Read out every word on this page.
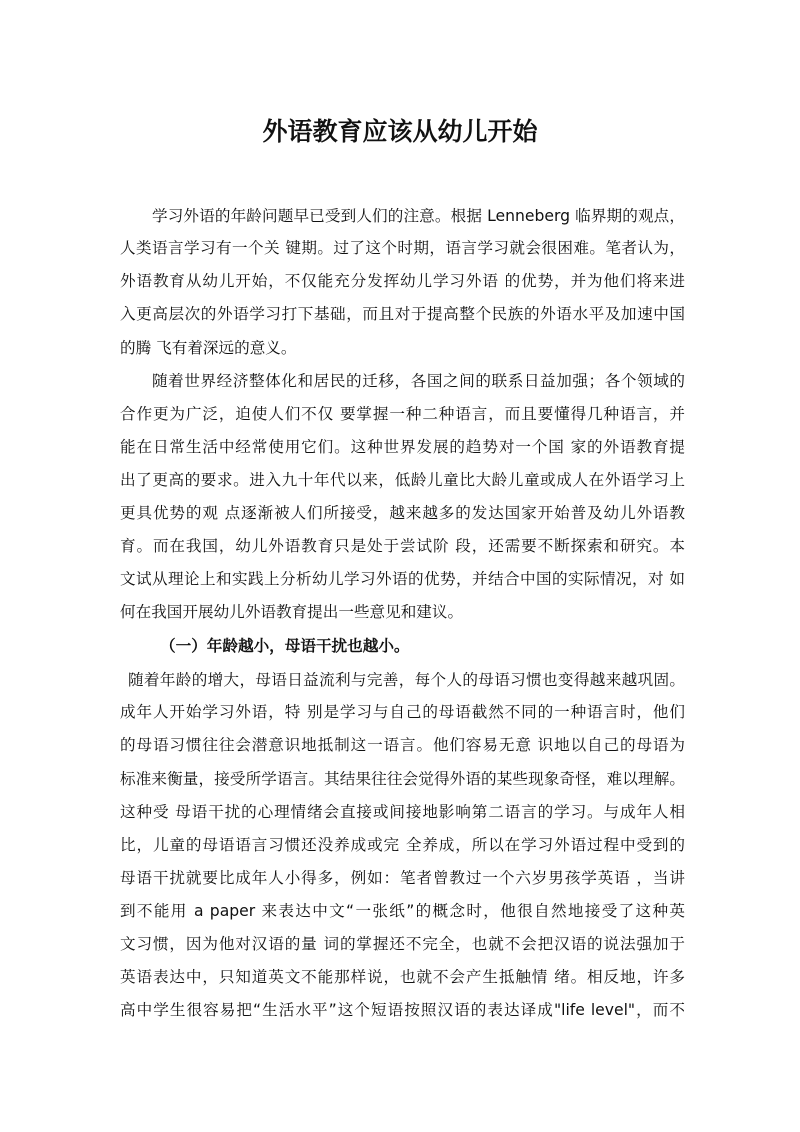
外语教育应该从幼儿开始
学习外语的年龄问题早已受到人们的注意。根据 Lenneberg 临界期的观点，
人类语言学习有一个关 键期。过了这个时期，语言学习就会很困难。笔者认为，
外语教育从幼儿开始，不仅能充分发挥幼儿学习外语 的优势，并为他们将来进
入更高层次的外语学习打下基础，而且对于提高整个民族的外语水平及加速中国
的腾 飞有着深远的意义。
随着世界经济整体化和居民的迁移，各国之间的联系日益加强；各个领域的
合作更为广泛，迫使人们不仅 要掌握一种二种语言，而且要懂得几种语言，并
能在日常生活中经常使用它们。这种世界发展的趋势对一个国 家的外语教育提
出了更高的要求。进入九十年代以来，低龄儿童比大龄儿童或成人在外语学习上
更具优势的观 点逐渐被人们所接受，越来越多的发达国家开始普及幼儿外语教
育。而在我国，幼儿外语教育只是处于尝试阶 段，还需要不断探索和研究。本
文试从理论上和实践上分析幼儿学习外语的优势，并结合中国的实际情况，对 如
何在我国开展幼儿外语教育提出一些意见和建议。
（一）年龄越小，母语干扰也越小。
随着年龄的增大，母语日益流利与完善，每个人的母语习惯也变得越来越巩固。
成年人开始学习外语，特 别是学习与自己的母语截然不同的一种语言时，他们
的母语习惯往往会潜意识地抵制这一语言。他们容易无意 识地以自己的母语为
标准来衡量，接受所学语言。其结果往往会觉得外语的某些现象奇怪，难以理解。
这种受 母语干扰的心理情绪会直接或间接地影响第二语言的学习。与成年人相
比，儿童的母语语言习惯还没养成或完 全养成，所以在学习外语过程中受到的
母语干扰就要比成年人小得多，例如：笔者曾教过一个六岁男孩学英语 ，当讲
到不能用 a paper 来表达中文“一张纸”的概念时，他很自然地接受了这种英
文习惯，因为他对汉语的量 词的掌握还不完全，也就不会把汉语的说法强加于
英语表达中，只知道英文不能那样说，也就不会产生抵触情 绪。相反地，许多
高中学生很容易把“生活水平”这个短语按照汉语的表达译成"life level"，而不
